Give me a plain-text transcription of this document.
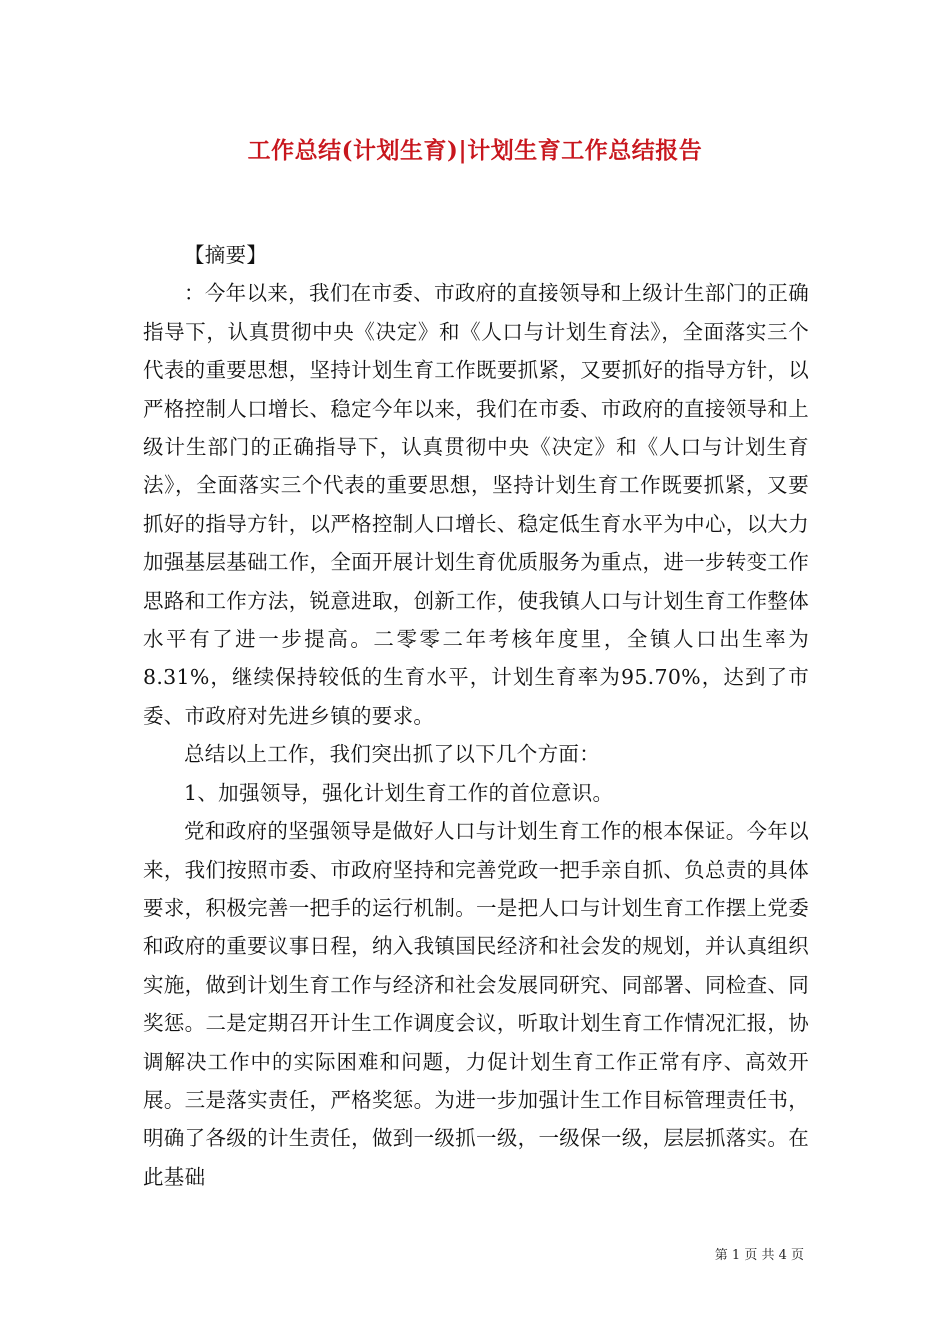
工作总结(计划生育)|计划生育工作总结报告

【摘要】

：今年以来，我们在市委、市政府的直接领导和上级计生部门的正确指导下，认真贯彻中央《决定》和《人口与计划生育法》，全面落实三个代表的重要思想，坚持计划生育工作既要抓紧，又要抓好的指导方针，以严格控制人口增长、稳定今年以来，我们在市委、市政府的直接领导和上级计生部门的正确指导下，认真贯彻中央《决定》和《人口与计划生育法》，全面落实三个代表的重要思想，坚持计划生育工作既要抓紧，又要抓好的指导方针，以严格控制人口增长、稳定低生育水平为中心，以大力加强基层基础工作，全面开展计划生育优质服务为重点，进一步转变工作思路和工作方法，锐意进取，创新工作，使我镇人口与计划生育工作整体水平有了进一步提高。二零零二年考核年度里，全镇人口出生率为8.31%，继续保持较低的生育水平，计划生育率为95.70%，达到了市委、市政府对先进乡镇的要求。

总结以上工作，我们突出抓了以下几个方面：

1、加强领导，强化计划生育工作的首位意识。

党和政府的坚强领导是做好人口与计划生育工作的根本保证。今年以来，我们按照市委、市政府坚持和完善党政一把手亲自抓、负总责的具体要求，积极完善一把手的运行机制。一是把人口与计划生育工作摆上党委和政府的重要议事日程，纳入我镇国民经济和社会发的规划，并认真组织实施，做到计划生育工作与经济和社会发展同研究、同部署、同检查、同奖惩。二是定期召开计生工作调度会议，听取计划生育工作情况汇报，协调解决工作中的实际困难和问题，力促计划生育工作正常有序、高效开展。三是落实责任，严格奖惩。为进一步加强计生工作目标管理责任书，明确了各级的计生责任，做到一级抓一级，一级保一级，层层抓落实。在此基础

第 1 页 共 4 页
